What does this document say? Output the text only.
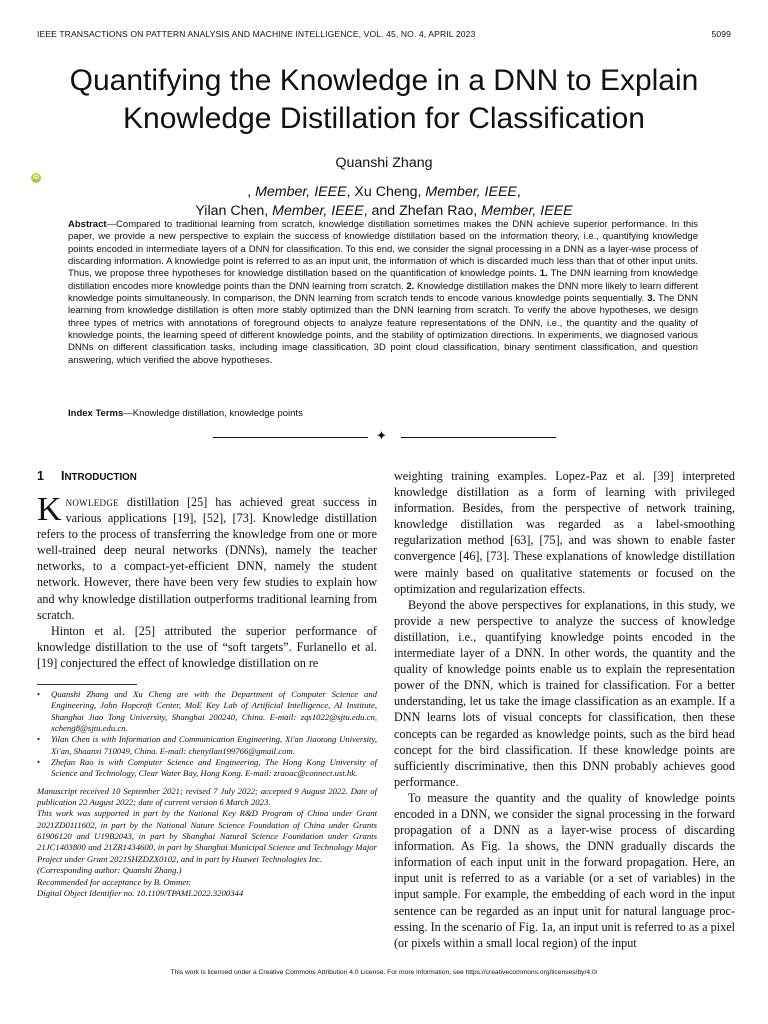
IEEE TRANSACTIONS ON PATTERN ANALYSIS AND MACHINE INTELLIGENCE, VOL. 45, NO. 4, APRIL 2023	5099
Quantifying the Knowledge in a DNN to Explain
Knowledge Distillation for Classification
Quanshi Zhang
iD
, Member, IEEE, Xu Cheng, Member, IEEE,
Yilan Chen, Member, IEEE, and Zhefan Rao, Member, IEEE
Abstract—Compared to traditional learning from scratch, knowledge distillation sometimes makes the DNN achieve superior performance. In this paper, we provide a new perspective to explain the success of knowledge distillation based on the information theory, i.e., quantifying knowledge points encoded in intermediate layers of a DNN for classification. To this end, we consider the signal processing in a DNN as a layer-wise process of discarding information. A knowledge point is referred to as an input unit, the information of which is discarded much less than that of other input units. Thus, we propose three hypotheses for knowledge distillation based on the quantification of knowledge points. 1. The DNN learning from knowledge distillation encodes more knowledge points than the DNN learning from scratch. 2. Knowledge distillation makes the DNN more likely to learn different knowledge points simultaneously. In comparison, the DNN learning from scratch tends to encode various knowledge points sequentially. 3. The DNN learning from knowledge distillation is often more stably optimized than the DNN learning from scratch. To verify the above hypotheses, we design three types of metrics with annotations of foreground objects to analyze feature representations of the DNN, i.e., the quantity and the quality of knowledge points, the learning speed of different knowledge points, and the stability of optimization directions. In experiments, we diagnosed various DNNs on different classification tasks, including image classification, 3D point cloud classification, binary sentiment classification, and question answering, which verified the above hypotheses.
Index Terms—Knowledge distillation, knowledge points
✦
1 INTRODUCTION

Knowledge distillation [25] has achieved great success in various applications [19], [52], [73]. Knowledge distillation refers to the process of transferring the knowledge from one or more well-trained deep neural networks (DNNs), namely the teacher networks, to a compact-yet-efficient DNN, namely the student network. However, there have been very few studies to explain how and why knowledge distillation outperforms traditional learning from scratch.

Hinton et al. [25] attributed the superior performance of knowledge distillation to the use of “soft targets”. Furlanello et al. [19] conjectured the effect of knowledge distillation on re

• Quanshi Zhang and Xu Cheng are with the Department of Computer Science and Engineering, John Hopcroft Center, MoE Key Lab of Artificial Intelligence, AI Institute, Shanghai Jiao Tong University, Shanghai 200240, China. E-mail: zqs1022@sjtu.edu.cn, xcheng8@sjtu.edu.cn.
• Yilan Chen is with Information and Communication Engineering, Xi'an Jiaotong University, Xi'an, Shaanxi 710049, China. E-mail: chenyilan199766@gmail.com.
• Zhefan Rao is with Computer Science and Engineering, The Hong Kong University of Science and Technology, Clear Water Bay, Hong Kong. E-mail: zraoac@connect.ust.hk.
Manuscript received 10 September 2021; revised 7 July 2022; accepted 9 August 2022. Date of publication 22 August 2022; date of current version 6 March 2023.
This work was supported in part by the National Key R&D Program of China under Grant 2021ZD0111602, in part by the National Nature Science Foundation of China under Grants 61906120 and U19B2043, in part by Shanghai Natural Science Foundation under Grants 21JC1403800 and 21ZR1434600, in part by Shanghai Municipal Science and Technology Major Project under Grant 2021SHZDZX0102, and in part by Huawei Technologies Inc.
(Corresponding author: Quanshi Zhang.)
Recommended for acceptance by B. Ommer.
Digital Object Identifier no. 10.1109/TPAMI.2022.3200344

weighting training examples. Lopez-Paz et al. [39] interpreted knowledge distillation as a form of learning with privileged information. Besides, from the perspective of network training, knowledge distillation was regarded as a label-smoothing regularization method [63], [75], and was shown to enable faster convergence [46], [73]. These explanations of knowledge distillation were mainly based on qualitative statements or focused on the optimization and regularization effects.

Beyond the above perspectives for explanations, in this study, we provide a new perspective to analyze the success of knowledge distillation, i.e., quantifying knowledge points encoded in the intermediate layer of a DNN. In other words, the quantity and the quality of knowledge points enable us to explain the representation power of the DNN, which is trained for classification. For a better understanding, let us take the image classification as an example. If a DNN learns lots of visual concepts for classification, then these concepts can be regarded as knowledge points, such as the bird head concept for the bird classification. If these knowledge points are sufficiently discriminative, then this DNN probably achieves good performance.

To measure the quantity and the quality of knowledge points encoded in a DNN, we consider the signal processing in the forward propagation of a DNN as a layer-wise process of discarding information. As Fig. 1a shows, the DNN gradually discards the information of each input unit in the forward propagation. Here, an input unit is referred to as a variable (or a set of variables) in the input sample. For example, the embedding of each word in the input sentence can be regarded as an input unit for natural language processing. In the scenario of Fig. 1a, an input unit is referred to as a pixel (or pixels within a small local region) of the input

This work is licensed under a Creative Commons Attribution 4.0 License. For more information, see https://creativecommons.org/licenses/by/4.0/
